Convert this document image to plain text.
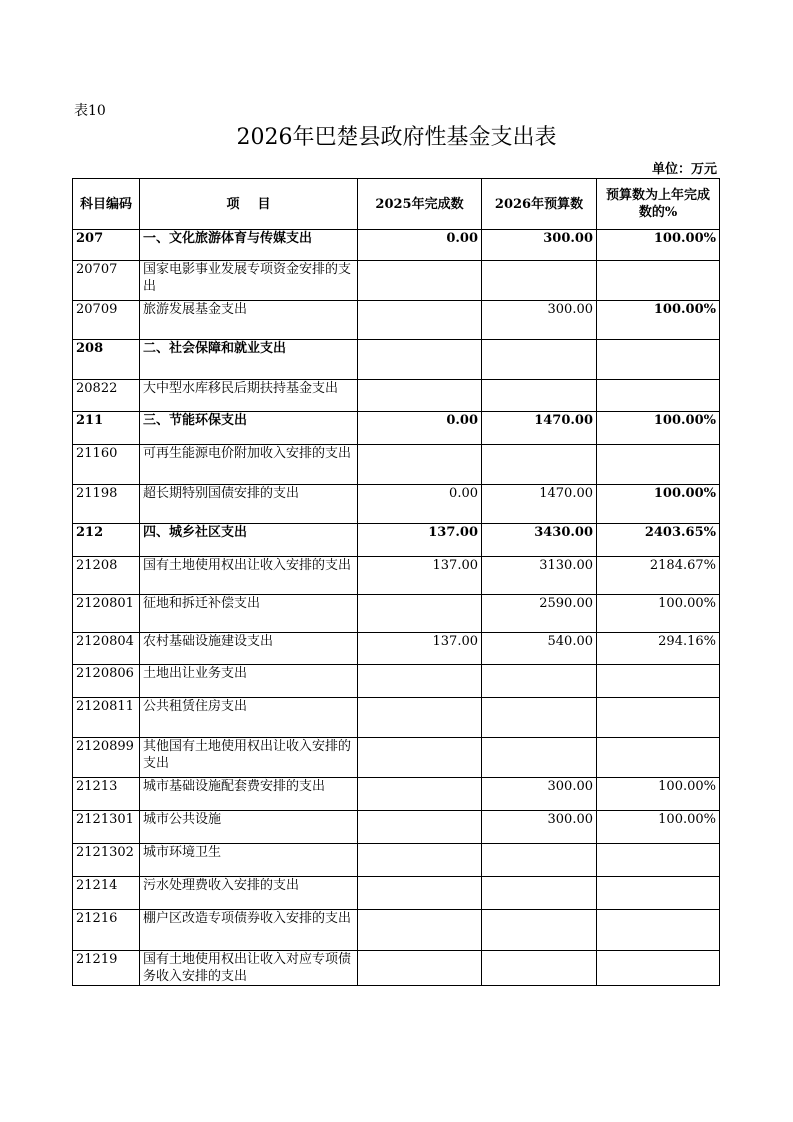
表10
2026年巴楚县政府性基金支出表
单位：万元
科目编码	项    目	2025年完成数	2026年预算数	预算数为上年完成数的%
207	一、文化旅游体育与传媒支出	0.00	300.00	100.00%
20707	国家电影事业发展专项资金安排的支出			
20709	旅游发展基金支出		300.00	100.00%
208	二、社会保障和就业支出			
20822	大中型水库移民后期扶持基金支出			
211	三、节能环保支出	0.00	1470.00	100.00%
21160	可再生能源电价附加收入安排的支出			
21198	超长期特别国债安排的支出	0.00	1470.00	100.00%
212	四、城乡社区支出	137.00	3430.00	2403.65%
21208	国有土地使用权出让收入安排的支出	137.00	3130.00	2184.67%
2120801	征地和拆迁补偿支出		2590.00	100.00%
2120804	农村基础设施建设支出	137.00	540.00	294.16%
2120806	土地出让业务支出			
2120811	公共租赁住房支出			
2120899	其他国有土地使用权出让收入安排的支出			
21213	城市基础设施配套费安排的支出		300.00	100.00%
2121301	城市公共设施		300.00	100.00%
2121302	城市环境卫生			
21214	污水处理费收入安排的支出			
21216	棚户区改造专项债券收入安排的支出			
21219	国有土地使用权出让收入对应专项债务收入安排的支出			
